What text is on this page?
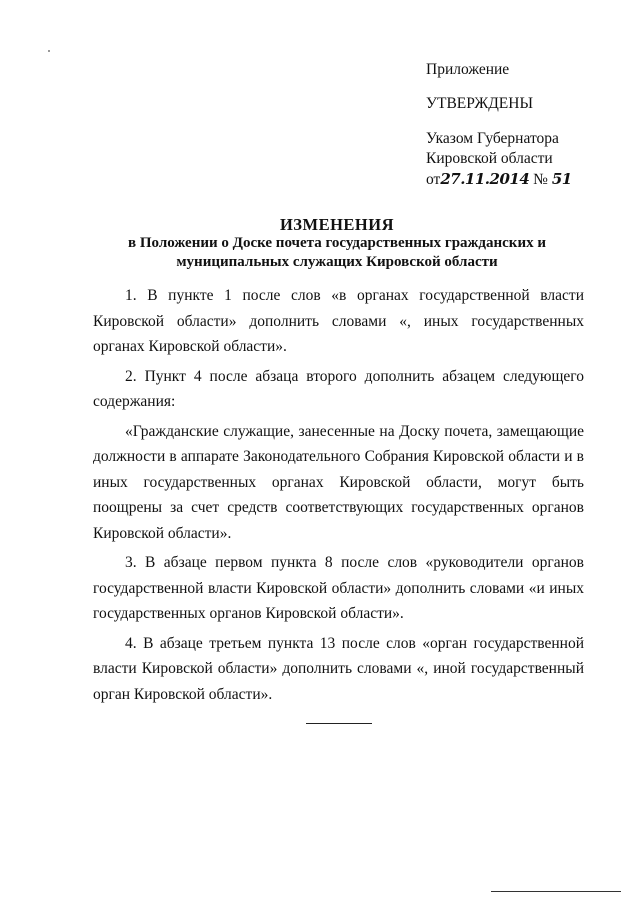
Приложение
УТВЕРЖДЕНЫ
Указом Губернатора
Кировской области
от27.11.2014 № 51
ИЗМЕНЕНИЯ
в Положении о Доске почета государственных гражданских и
муниципальных служащих Кировской области

1. В пункте 1 после слов «в органах государственной власти Кировской области» дополнить словами «, иных государственных органах Кировской области».

2. Пункт 4 после абзаца второго дополнить абзацем следующего содержания:

«Гражданские служащие, занесенные на Доску почета, замещающие должности в аппарате Законодательного Собрания Кировской области и в иных государственных органах Кировской области, могут быть поощрены за счет средств соответствующих государственных органов Кировской области».

3. В абзаце первом пункта 8 после слов «руководители органов государственной власти Кировской области» дополнить словами «и иных государственных органов Кировской области».

4. В абзаце третьем пункта 13 после слов «орган государственной власти Кировской области» дополнить словами «, иной государственный орган Кировской области».
